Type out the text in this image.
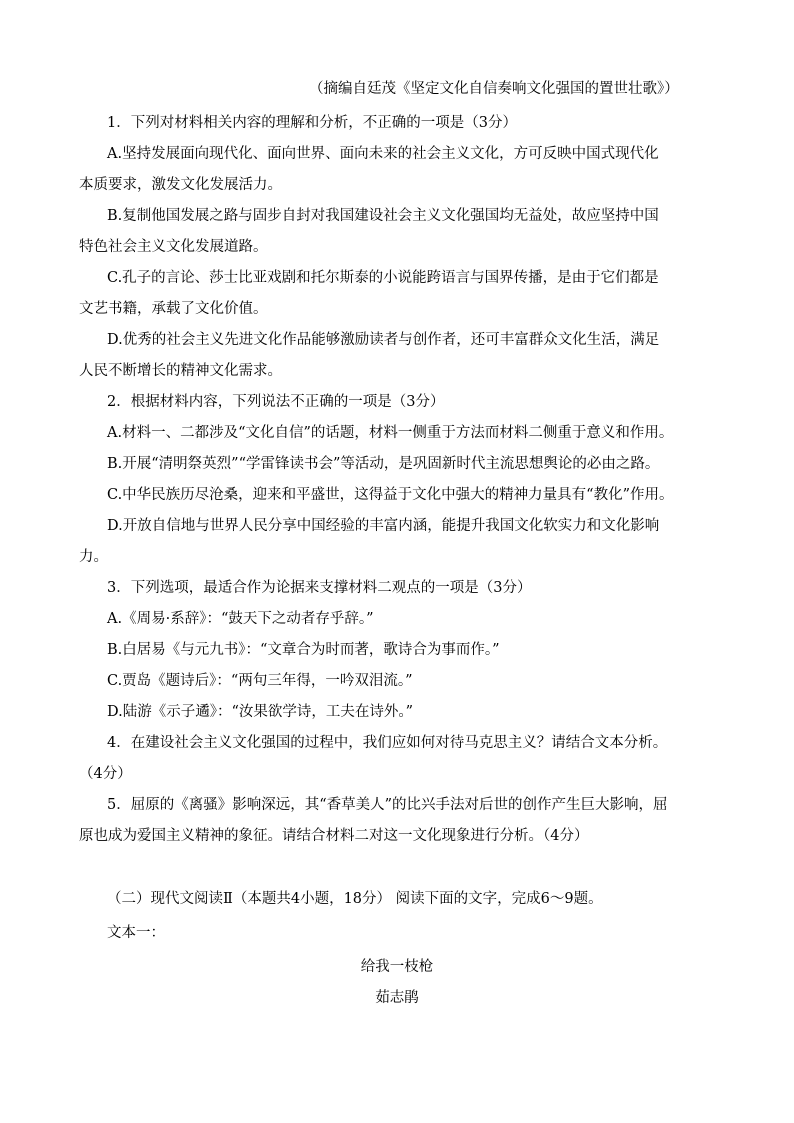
（摘编自廷茂《坚定文化自信奏响文化强国的置世壮歌》）
1．下列对材料相关内容的理解和分析，不正确的一项是（3分）
A.坚持发展面向现代化、面向世界、面向未来的社会主义文化，方可反映中国式现代化
本质要求，激发文化发展活力。
B.复制他国发展之路与固步自封对我国建设社会主义文化强国均无益处，故应坚持中国
特色社会主义文化发展道路。
C.孔子的言论、莎士比亚戏剧和托尔斯泰的小说能跨语言与国界传播，是由于它们都是
文艺书籍，承载了文化价值。
D.优秀的社会主义先进文化作品能够激励读者与创作者，还可丰富群众文化生活，满足
人民不断增长的精神文化需求。
2．根据材料内容，下列说法不正确的一项是（3分）
A.材料一、二都涉及“文化自信”的话题，材料一侧重于方法而材料二侧重于意义和作用。
B.开展“清明祭英烈”“学雷锋读书会”等活动，是巩固新时代主流思想舆论的必由之路。
C.中华民族历尽沧桑，迎来和平盛世，这得益于文化中强大的精神力量具有“教化”作用。
D.开放自信地与世界人民分享中国经验的丰富内涵，能提升我国文化软实力和文化影响
力。
3．下列选项，最适合作为论据来支撑材料二观点的一项是（3分）
A.《周易·系辞》：“鼓天下之动者存乎辞。”
B.白居易《与元九书》：“文章合为时而著，歌诗合为事而作。”
C.贾岛《题诗后》：“两句三年得，一吟双泪流。”
D.陆游《示子遹》：“汝果欲学诗，工夫在诗外。”
4．在建设社会主义文化强国的过程中，我们应如何对待马克思主义？请结合文本分析。
（4分）
5．屈原的《离骚》影响深远，其“香草美人”的比兴手法对后世的创作产生巨大影响，屈
原也成为爱国主义精神的象征。请结合材料二对这一文化现象进行分析。（4分）
（二）现代文阅读Ⅱ（本题共4小题，18分） 阅读下面的文字，完成6～9题。
文本一：
给我一枝枪
茹志鹃
